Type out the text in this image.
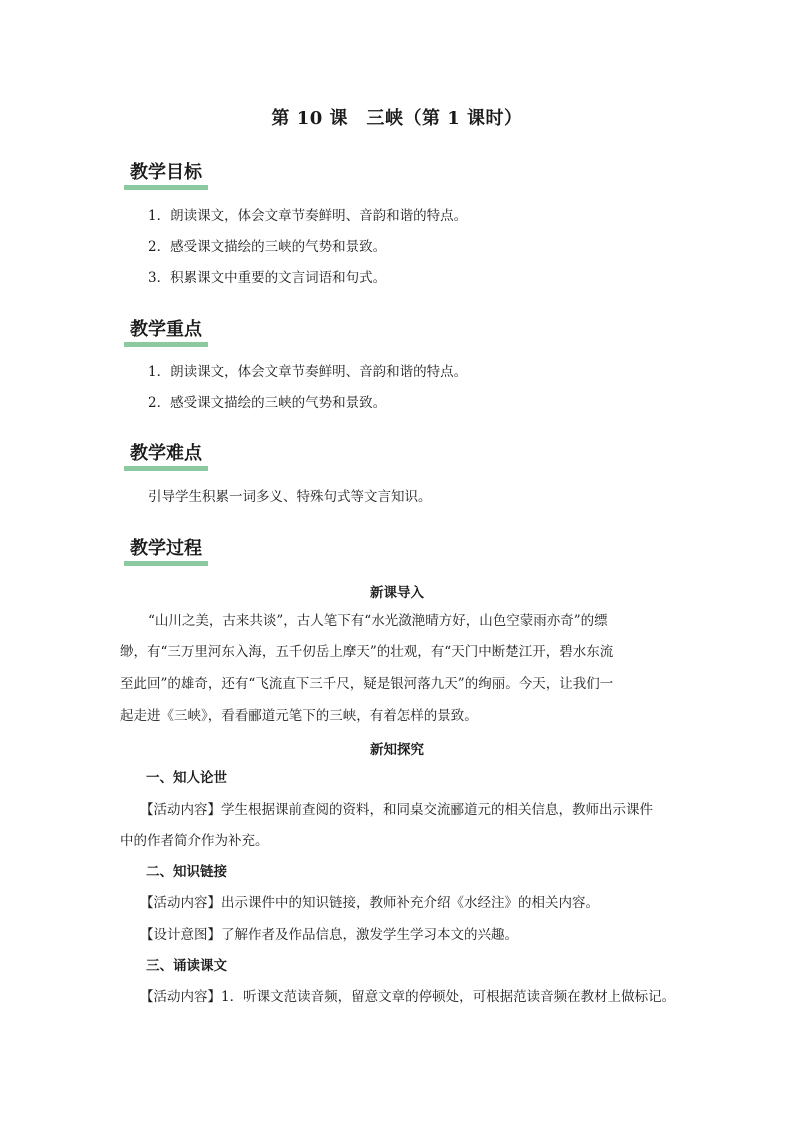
第 10 课　三峡（第 1 课时）
教学目标
1．朗读课文，体会文章节奏鲜明、音韵和谐的特点。
2．感受课文描绘的三峡的气势和景致。
3．积累课文中重要的文言词语和句式。
教学重点
1．朗读课文，体会文章节奏鲜明、音韵和谐的特点。
2．感受课文描绘的三峡的气势和景致。
教学难点
引导学生积累一词多义、特殊句式等文言知识。
教学过程
新课导入
“山川之美，古来共谈”，古人笔下有“水光潋滟晴方好，山色空蒙雨亦奇”的缥
缈，有“三万里河东入海，五千仞岳上摩天”的壮观，有“天门中断楚江开，碧水东流
至此回”的雄奇，还有“飞流直下三千尺，疑是银河落九天”的绚丽。今天，让我们一
起走进《三峡》，看看郦道元笔下的三峡，有着怎样的景致。
新知探究
一、知人论世
【活动内容】学生根据课前查阅的资料，和同桌交流郦道元的相关信息，教师出示课件
中的作者简介作为补充。
二、知识链接
【活动内容】出示课件中的知识链接，教师补充介绍《水经注》的相关内容。
【设计意图】了解作者及作品信息，激发学生学习本文的兴趣。
三、诵读课文
【活动内容】1．听课文范读音频，留意文章的停顿处，可根据范读音频在教材上做标记。
